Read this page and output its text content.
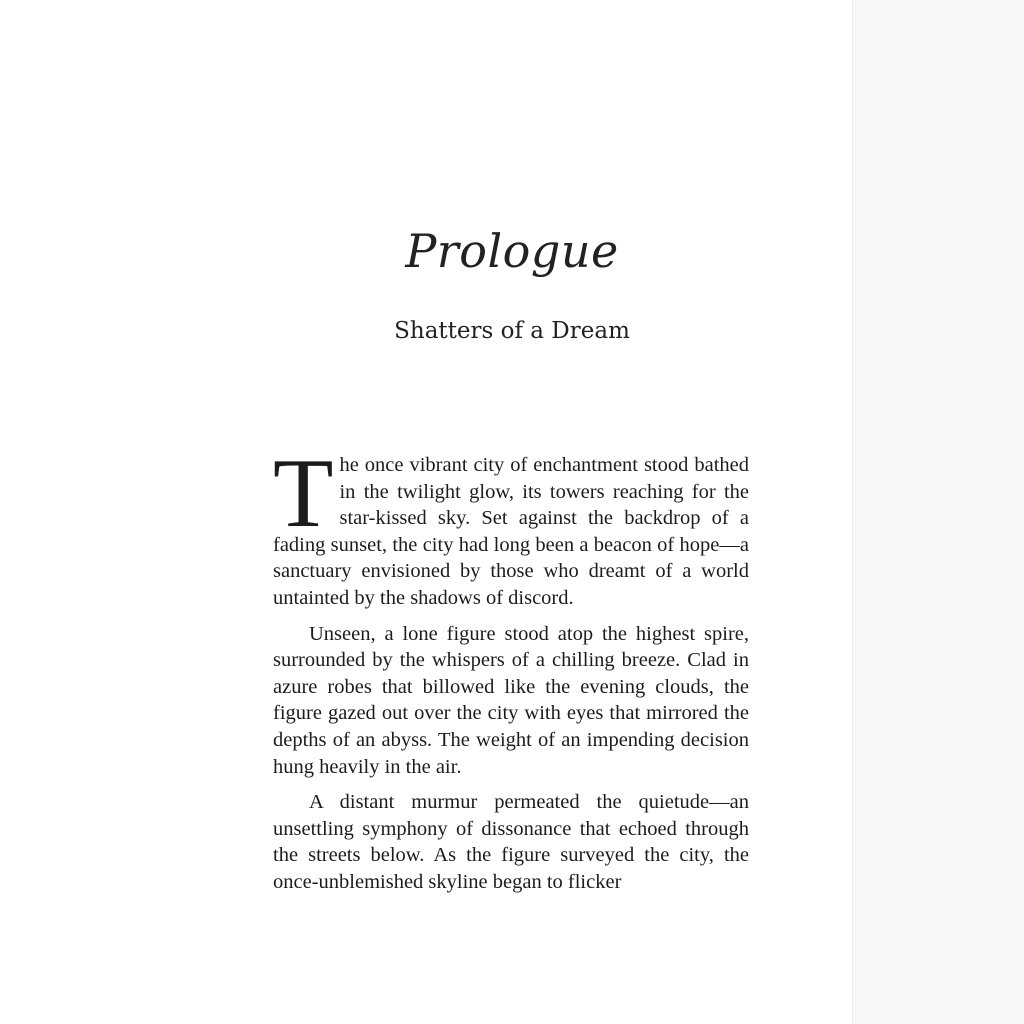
Prologue
Shatters of a Dream

The once vibrant city of enchantment stood bathed in the twilight glow, its towers reaching for the star-kissed sky. Set against the backdrop of a fading sunset, the city had long been a beacon of hope—a sanctuary envisioned by those who dreamt of a world untainted by the shadows of discord.

Unseen, a lone figure stood atop the highest spire, surrounded by the whispers of a chilling breeze. Clad in azure robes that billowed like the evening clouds, the figure gazed out over the city with eyes that mirrored the depths of an abyss. The weight of an impending decision hung heavily in the air.

A distant murmur permeated the quietude—an unsettling symphony of dissonance that echoed through the streets below. As the figure surveyed the city, the once-unblemished skyline began to flicker
